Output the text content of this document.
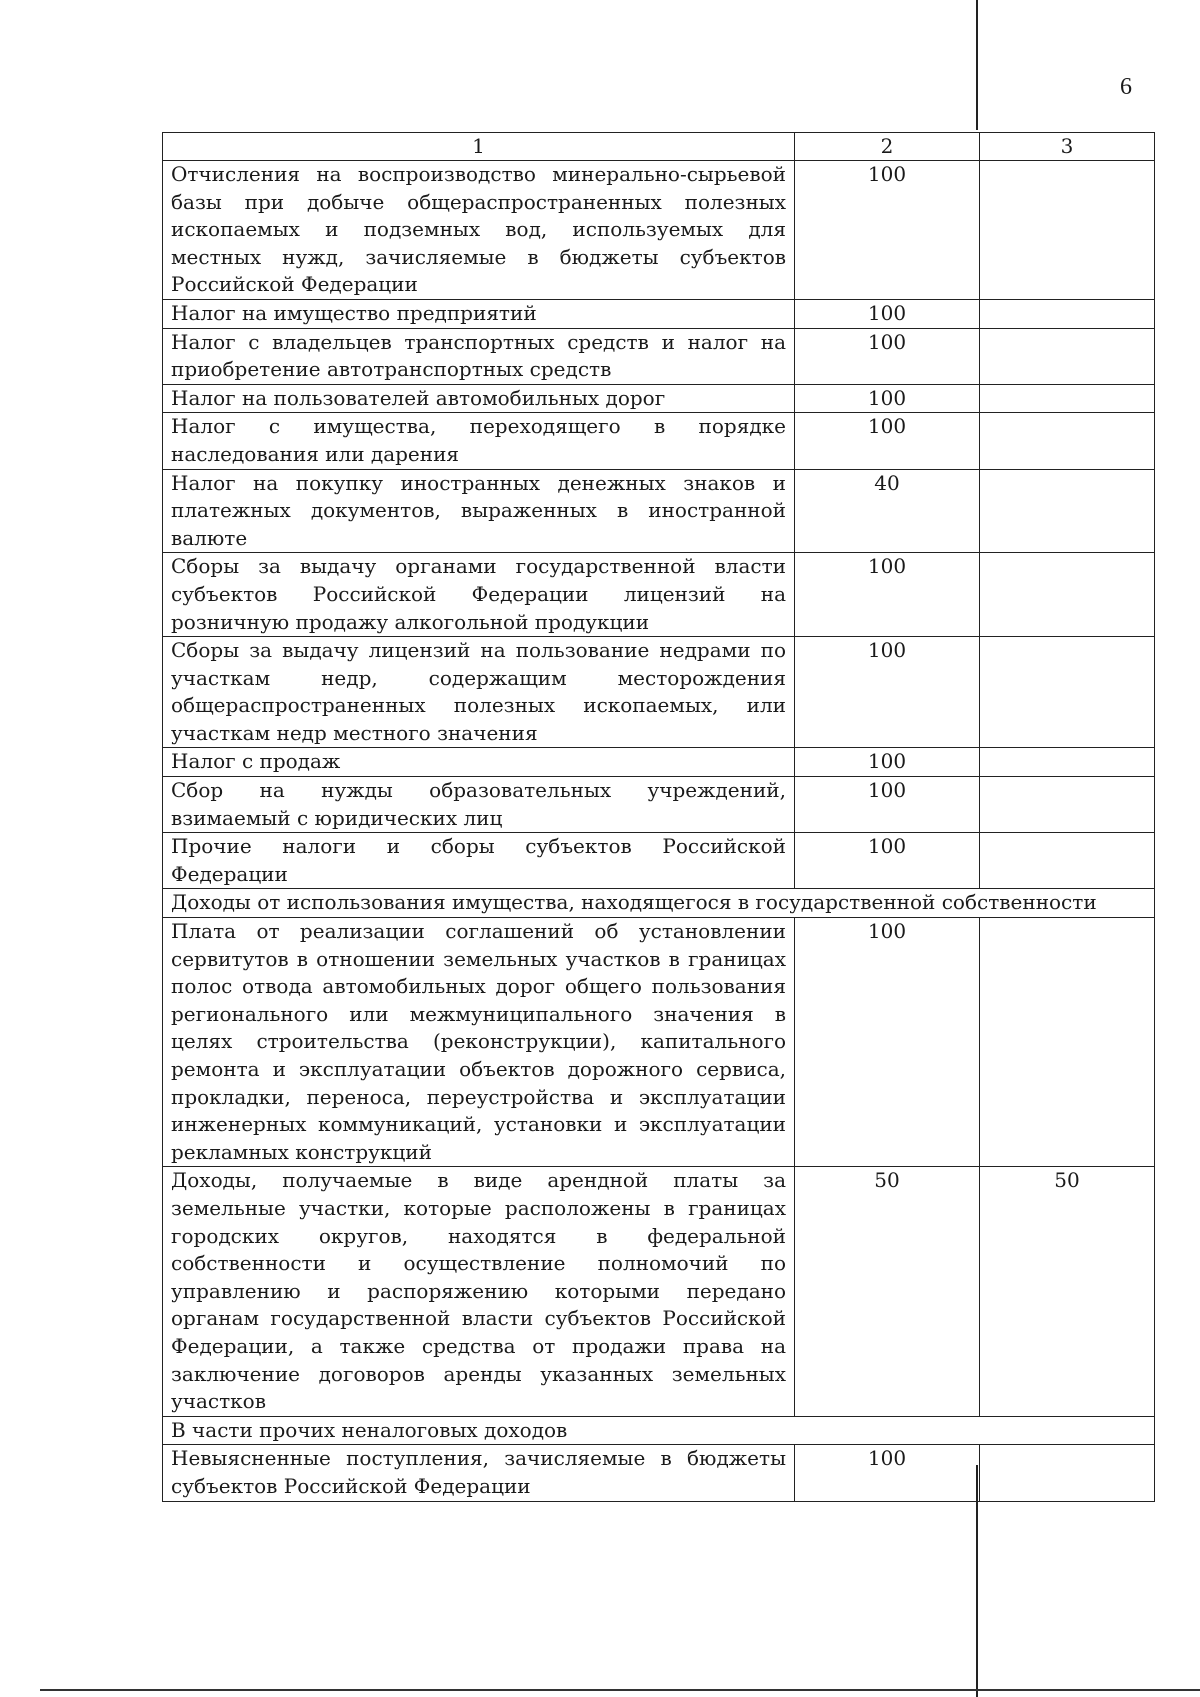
6
1	2	3
Отчисления на воспроизводство минерально-сырьевой базы при добыче общераспространенных полезных ископаемых и подземных вод, используемых для местных нужд, зачисляемые в бюджеты субъектов Российской Федерации	100	
Налог на имущество предприятий	100	
Налог с владельцев транспортных средств и налог на приобретение автотранспортных средств	100	
Налог на пользователей автомобильных дорог	100	
Налог с имущества, переходящего в порядке наследования или дарения	100	
Налог на покупку иностранных денежных знаков и платежных документов, выраженных в иностранной валюте	40	
Сборы за выдачу органами государственной власти субъектов Российской Федерации лицензий на розничную продажу алкогольной продукции	100	
Сборы за выдачу лицензий на пользование недрами по участкам недр, содержащим месторождения общераспространенных полезных ископаемых, или участкам недр местного значения	100	
Налог с продаж	100	
Сбор на нужды образовательных учреждений, взимаемый с юридических лиц	100	
Прочие налоги и сборы субъектов Российской Федерации	100	
Доходы от использования имущества, находящегося в государственной собственности		
Плата от реализации соглашений об установлении сервитутов в отношении земельных участков в границах полос отвода автомобильных дорог общего пользования регионального или межмуниципального значения в целях строительства (реконструкции), капитального ремонта и эксплуатации объектов дорожного сервиса, прокладки, переноса, переустройства и эксплуатации инженерных коммуникаций, установки и эксплуатации рекламных конструкций	100	
Доходы, получаемые в виде арендной платы за земельные участки, которые расположены в границах городских округов, находятся в федеральной собственности и осуществление полномочий по управлению и распоряжению которыми передано органам государственной власти субъектов Российской Федерации, а также средства от продажи права на заключение договоров аренды указанных земельных участков	50	50
В части прочих неналоговых доходов		
Невыясненные поступления, зачисляемые в бюджеты субъектов Российской Федерации	100	
